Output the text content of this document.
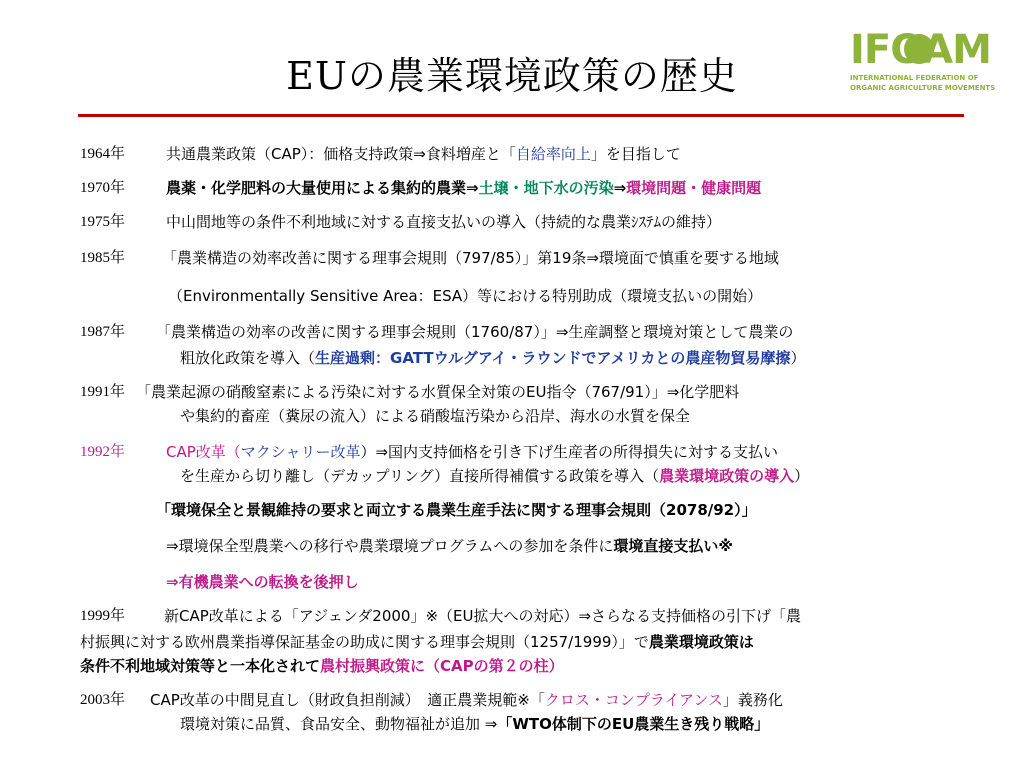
EUの農業環境政策の歴史
IFOAM
INTERNATIONAL FEDERATION OF
ORGANIC AGRICULTURE MOVEMENTS
1964年	共通農業政策（CAP）：価格支持政策⇒食料増産と「自給率向上」を目指して
1970年	農薬・化学肥料の大量使用による集約的農業⇒土壌・地下水の汚染⇒環境問題・健康問題
1975年	中山間地等の条件不利地域に対する直接支払いの導入（持続的な農業ｼｽﾃﾑの維持）
1985年 「農業構造の効率改善に関する理事会規則（797/85）」第19条⇒環境面で慎重を要する地域
（Environmentally Sensitive Area：ESA）等における特別助成（環境支払いの開始）
1987年 「農業構造の効率の改善に関する理事会規則（1760/87）」⇒生産調整と環境対策として農業の
粗放化政策を導入（生産過剰：GATTウルグアイ・ラウンドでアメリカとの農産物貿易摩擦）
1991年 「農業起源の硝酸窒素による汚染に対する水質保全対策のEU指令（767/91）」⇒化学肥料
や集約的畜産（糞尿の流入）による硝酸塩汚染から沿岸、海水の水質を保全
1992年	CAP改革（マクシャリー改革）⇒国内支持価格を引き下げ生産者の所得損失に対する支払い
を生産から切り離し（デカップリング）直接所得補償する政策を導入（農業環境政策の導入）
「環境保全と景観維持の要求と両立する農業生産手法に関する理事会規則（2078/92）」
⇒環境保全型農業への移行や農業環境プログラムへの参加を条件に環境直接支払い※
⇒有機農業への転換を後押し
1999年	新CAP改革による「アジェンダ2000」※（EU拡大への対応）⇒さらなる支持価格の引下げ「農
村振興に対する欧州農業指導保証基金の助成に関する理事会規則（1257/1999）」で農業環境政策は
条件不利地域対策等と一本化されて農村振興政策に（CAPの第２の柱）
2003年 CAP改革の中間見直し（財政負担削減）　適正農業規範※「クロス・コンプライアンス」義務化
環境対策に品質、食品安全、動物福祉が追加 ⇒「WTO体制下のEU農業生き残り戦略」
